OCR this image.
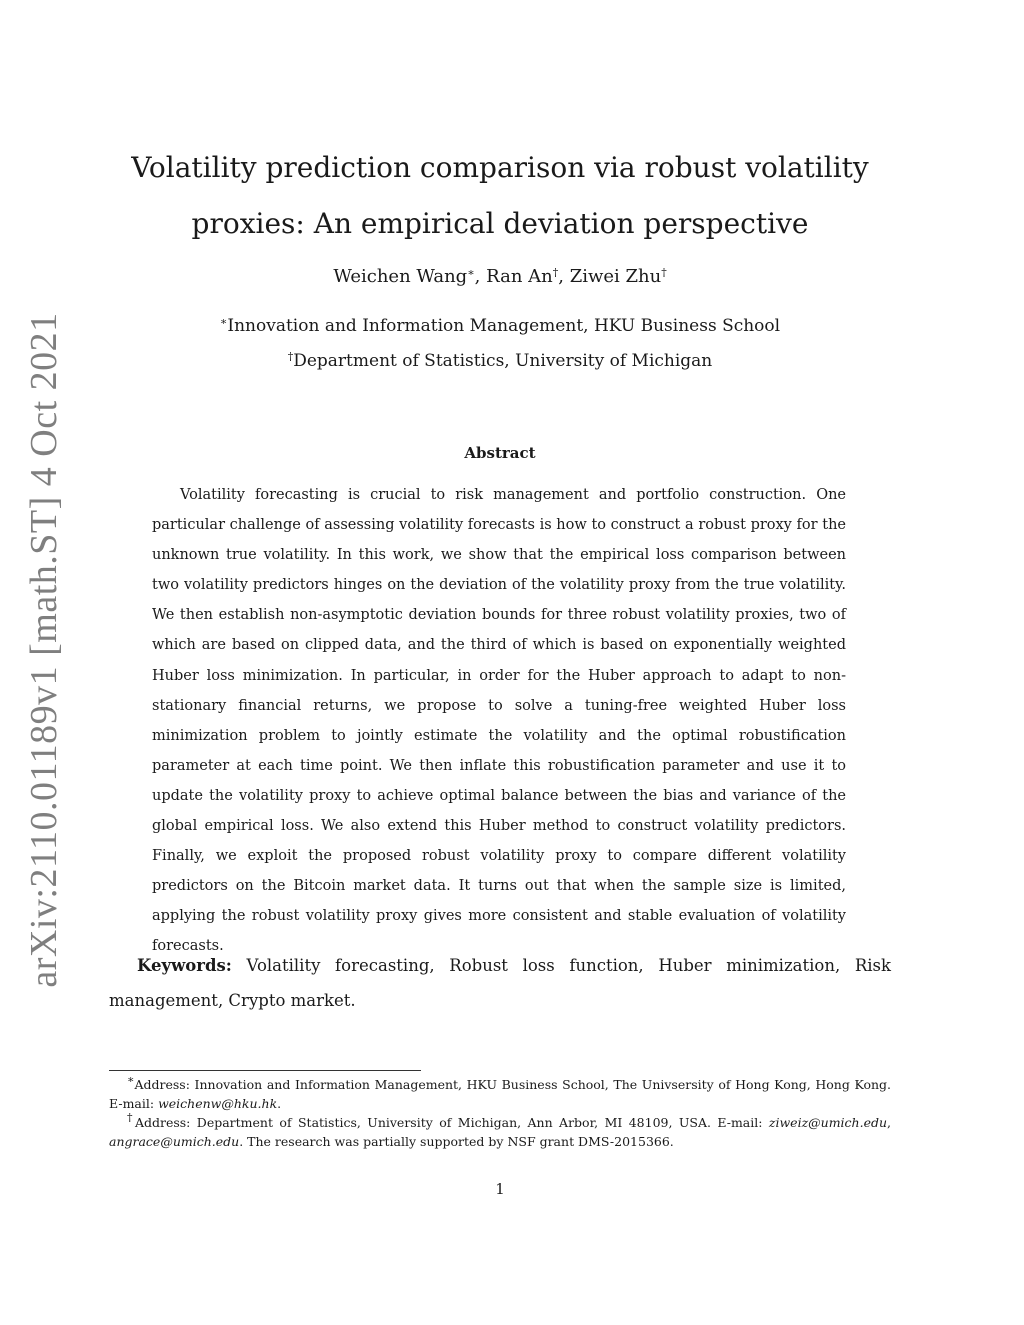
arXiv:2110.01189v1 [math.ST] 4 Oct 2021
Volatility prediction comparison via robust volatility proxies: An empirical deviation perspective
Weichen Wang∗, Ran An†, Ziwei Zhu†
∗Innovation and Information Management, HKU Business School
†Department of Statistics, University of Michigan
Abstract

Volatility forecasting is crucial to risk management and portfolio construction. One particular challenge of assessing volatility forecasts is how to construct a robust proxy for the unknown true volatility. In this work, we show that the empirical loss comparison between two volatility predictors hinges on the deviation of the volatility proxy from the true volatility. We then establish non-asymptotic deviation bounds for three robust volatility proxies, two of which are based on clipped data, and the third of which is based on exponentially weighted Huber loss minimization. In particular, in order for the Huber approach to adapt to non-stationary financial returns, we propose to solve a tuning-free weighted Huber loss minimization problem to jointly estimate the volatility and the optimal robustification parameter at each time point. We then inflate this robustification parameter and use it to update the volatility proxy to achieve optimal balance between the bias and variance of the global empirical loss. We also extend this Huber method to construct volatility predictors. Finally, we exploit the proposed robust volatility proxy to compare different volatility predictors on the Bitcoin market data. It turns out that when the sample size is limited, applying the robust volatility proxy gives more consistent and stable evaluation of volatility forecasts.

Keywords: Volatility forecasting, Robust loss function, Huber minimization, Risk management, Crypto market.

∗Address: Innovation and Information Management, HKU Business School, The Univsersity of Hong Kong, Hong Kong. E-mail: weichenw@hku.hk.

†Address: Department of Statistics, University of Michigan, Ann Arbor, MI 48109, USA. E-mail: ziweiz@umich.edu, angrace@umich.edu. The research was partially supported by NSF grant DMS-2015366.

1
